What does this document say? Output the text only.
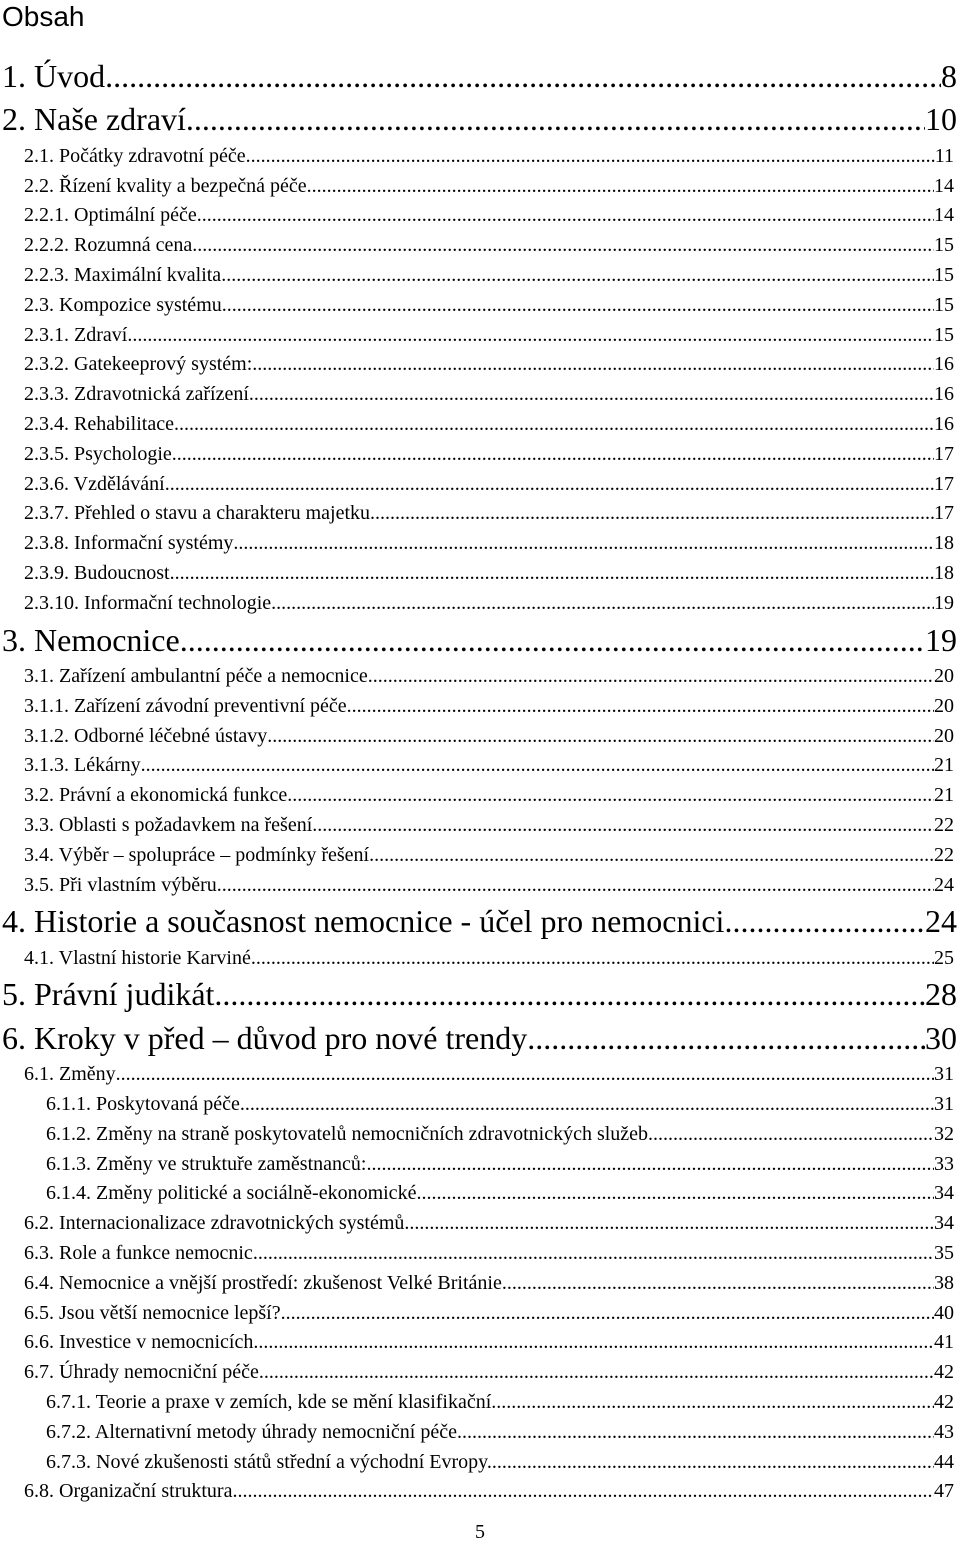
Obsah
1. Úvod .....	8
2. Naše zdraví .....	10
2.1. Počátky zdravotní péče .....	11
2.2. Řízení kvality a bezpečná péče .....	14
2.2.1. Optimální péče .....	14
2.2.2. Rozumná cena .....	15
2.2.3. Maximální kvalita .....	15
2.3. Kompozice systému .....	15
2.3.1. Zdraví .....	15
2.3.2. Gatekeeprový systém: .....	16
2.3.3. Zdravotnická zařízení .....	16
2.3.4. Rehabilitace .....	16
2.3.5. Psychologie .....	17
2.3.6. Vzdělávání .....	17
2.3.7. Přehled o stavu a charakteru majetku .....	17
2.3.8. Informační systémy .....	18
2.3.9. Budoucnost .....	18
2.3.10. Informační technologie .....	19
3. Nemocnice .....	19
3.1. Zařízení ambulantní péče a nemocnice .....	20
3.1.1. Zařízení závodní preventivní péče .....	20
3.1.2. Odborné léčebné ústavy .....	20
3.1.3. Lékárny .....	21
3.2. Právní a ekonomická funkce .....	21
3.3. Oblasti s požadavkem na řešení .....	22
3.4. Výběr – spolupráce – podmínky řešení .....	22
3.5. Při vlastním výběru .....	24
4. Historie a současnost nemocnice - účel pro nemocnici .....	24
4.1. Vlastní historie Karviné .....	25
5. Právní judikát .....	28
6. Kroky v před – důvod pro nové trendy .....	30
6.1. Změny .....	31
6.1.1. Poskytovaná péče .....	31
6.1.2. Změny na straně poskytovatelů nemocničních zdravotnických služeb .....	32
6.1.3. Změny ve struktuře zaměstnanců: .....	33
6.1.4. Změny politické a sociálně-ekonomické .....	34
6.2. Internacionalizace zdravotnických systémů .....	34
6.3. Role a funkce nemocnic .....	35
6.4. Nemocnice a vnější prostředí: zkušenost Velké Británie .....	38
6.5. Jsou větší nemocnice lepší? .....	40
6.6. Investice v nemocnicích .....	41
6.7. Úhrady nemocniční péče .....	42
6.7.1. Teorie a praxe v zemích, kde se mění klasifikační .....	42
6.7.2. Alternativní metody úhrady nemocniční péče .....	43
6.7.3. Nové zkušenosti států střední a východní Evropy. .....	44
6.8. Organizační struktura .....	47
5
